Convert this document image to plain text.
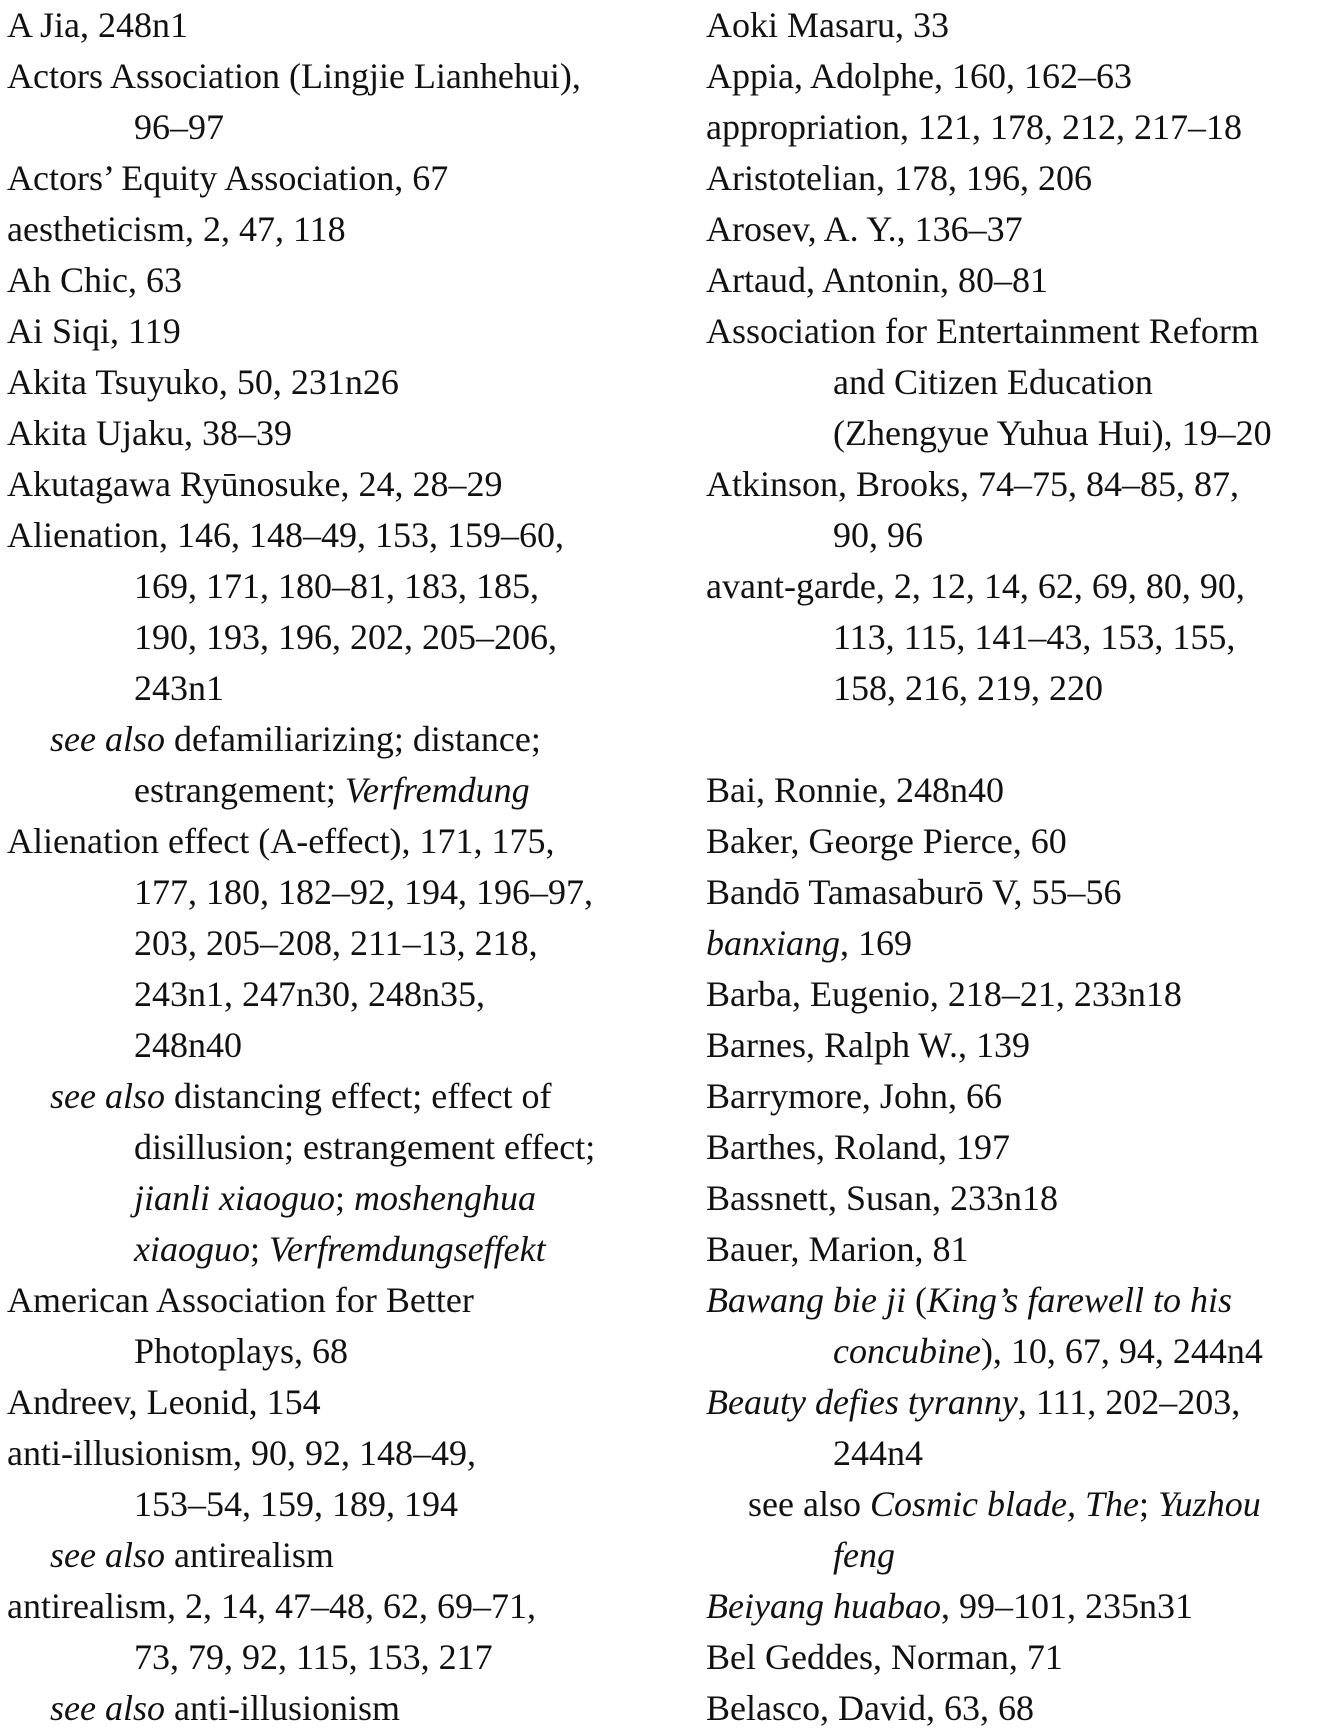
A Jia, 248n1
Actors Association (Lingjie Lianhehui),
96–97
Actors’ Equity Association, 67
aestheticism, 2, 47, 118
Ah Chic, 63
Ai Siqi, 119
Akita Tsuyuko, 50, 231n26
Akita Ujaku, 38–39
Akutagawa Ryūnosuke, 24, 28–29
Alienation, 146, 148–49, 153, 159–60,
169, 171, 180–81, 183, 185,
190, 193, 196, 202, 205–206,
243n1
see also defamiliarizing; distance;
estrangement; Verfremdung
Alienation effect (A-effect), 171, 175,
177, 180, 182–92, 194, 196–97,
203, 205–208, 211–13, 218,
243n1, 247n30, 248n35,
248n40
see also distancing effect; effect of
disillusion; estrangement effect;
jianli xiaoguo; moshenghua
xiaoguo; Verfremdungseffekt
American Association for Better
Photoplays, 68
Andreev, Leonid, 154
anti-illusionism, 90, 92, 148–49,
153–54, 159, 189, 194
see also antirealism
antirealism, 2, 14, 47–48, 62, 69–71,
73, 79, 92, 115, 153, 217
see also anti-illusionism
Aoki Masaru, 33
Appia, Adolphe, 160, 162–63
appropriation, 121, 178, 212, 217–18
Aristotelian, 178, 196, 206
Arosev, A. Y., 136–37
Artaud, Antonin, 80–81
Association for Entertainment Reform
and Citizen Education
(Zhengyue Yuhua Hui), 19–20
Atkinson, Brooks, 74–75, 84–85, 87,
90, 96
avant-garde, 2, 12, 14, 62, 69, 80, 90,
113, 115, 141–43, 153, 155,
158, 216, 219, 220
Bai, Ronnie, 248n40
Baker, George Pierce, 60
Bandō Tamasaburō V, 55–56
banxiang, 169
Barba, Eugenio, 218–21, 233n18
Barnes, Ralph W., 139
Barrymore, John, 66
Barthes, Roland, 197
Bassnett, Susan, 233n18
Bauer, Marion, 81
Bawang bie ji (King’s farewell to his
concubine), 10, 67, 94, 244n4
Beauty defies tyranny, 111, 202–203,
244n4
see also Cosmic blade, The; Yuzhou
feng
Beiyang huabao, 99–101, 235n31
Bel Geddes, Norman, 71
Belasco, David, 63, 68
